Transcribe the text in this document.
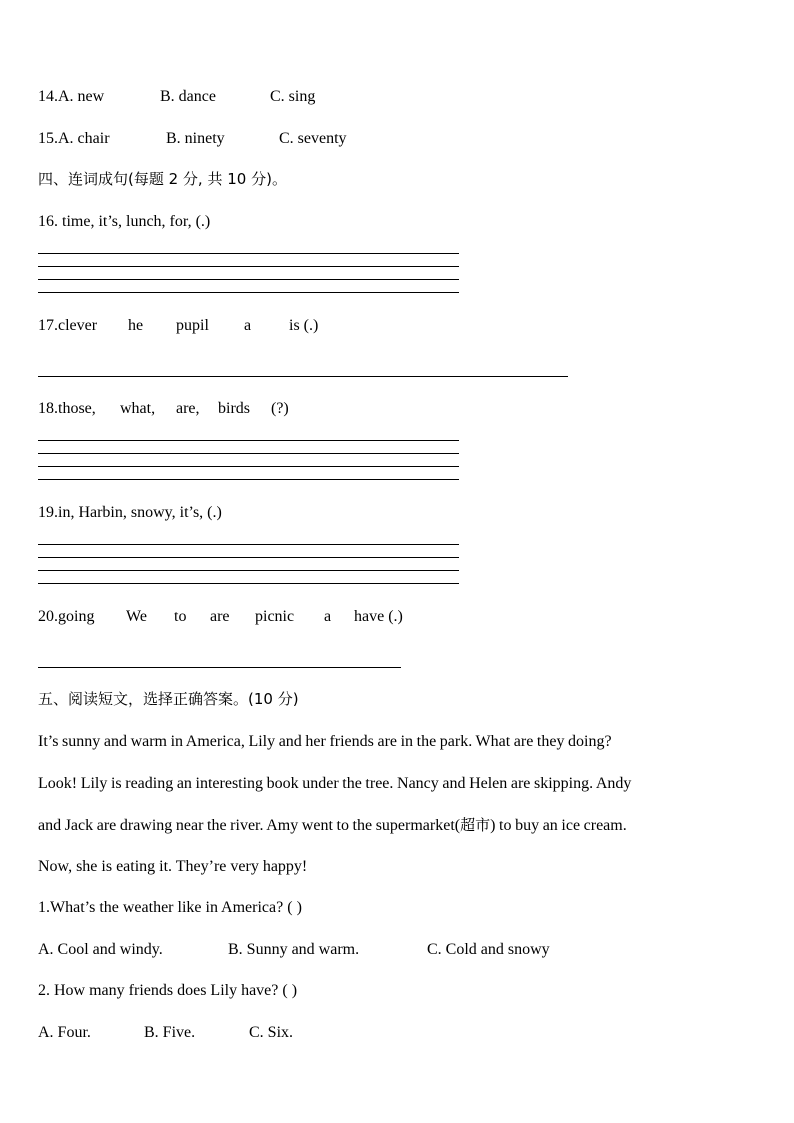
14.A. new	B. dance	C. sing
15.A. chair	B. ninety	C. seventy
四、连词成句(每题 2 分, 共 10 分)。
16. time, it’s, lunch, for, (.)
17.clever he pupil a is (.)
18.those, what, are, birds (?)
19.in, Harbin, snowy, it’s, (.)
20.going We to are picnic a have (.)
五、阅读短文，选择正确答案。(10 分)
It’s sunny and warm in America, Lily and her friends are in the park. What are they doing?
Look! Lily is reading an interesting book under the tree. Nancy and Helen are skipping. Andy
and Jack are drawing near the river. Amy went to the supermarket(超市) to buy an ice cream.
Now, she is eating it. They’re very happy!
1.What’s the weather like in America? ( )
A. Cool and windy.	B. Sunny and warm.	C. Cold and snowy
2. How many friends does Lily have? ( )
A. Four.	B. Five.	C. Six.
